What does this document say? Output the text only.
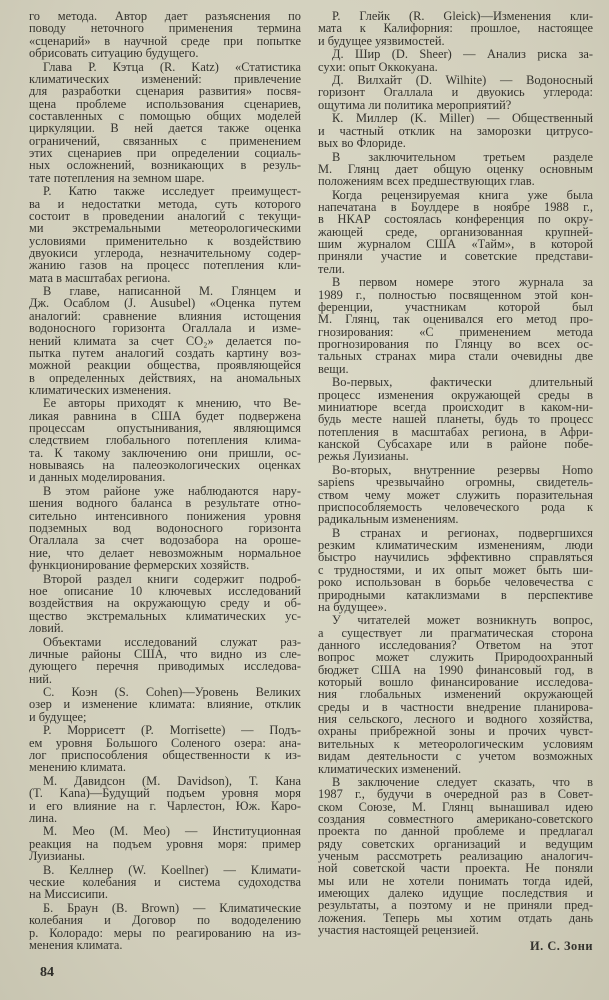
го метода. Автор дает разъяснения по
поводу неточного применения термина
«сценарий» в научной среде при попытке
обрисовать ситуацию будущего.
Глава Р. Кэтца (R. Katz) «Статистика
климатических изменений: привлечение
для разработки сценария развития» посвя-
щена проблеме использования сценариев,
составленных с помощью общих моделей
циркуляции. В ней дается также оценка
ограничений, связанных с применением
этих сценариев при определении социаль-
ных осложнений, возникающих в резуль-
тате потепления на земном шаре.
Р. Катю также исследует преимущест-
ва и недостатки метода, суть которого
состоит в проведении аналогий с текущи-
ми экстремальными метеорологическими
условиями применительно к воздействию
двуокиси углерода, незначительному содер-
жанию газов на процесс потепления кли-
мата в масштабах региона.
В главе, написанной М. Глянцем и
Дж. Осаблом (J. Ausubel) «Оценка путем
аналогий: сравнение влияния истощения
водоносного горизонта Огаллала и изме-
нений климата за счет CO₂» делается по-
пытка путем аналогий создать картину воз-
можной реакции общества, проявляющейся
в определенных действиях, на аномальных
климатических изменения.
Ее авторы приходят к мнению, что Ве-
ликая равнина в США будет подвержена
процессам опустынивания, являющимся
следствием глобального потепления клима-
та. К такому заключению они пришли, ос-
новываясь на палеоэкологических оценках
и данных моделирования.
В этом районе уже наблюдаются нару-
шения водного баланса в результате отно-
сительно интенсивного понижения уровня
подземных вод водоносного горизонта
Огаллала за счет водозабора на ороше-
ние, что делает невозможным нормальное
функционирование фермерских хозяйств.
Второй раздел книги содержит подроб-
ное описание 10 ключевых исследований
воздействия на окружающую среду и об-
щество экстремальных климатических ус-
ловий.
Объектами исследований служат раз-
личные районы США, что видно из сле-
дующего перечня приводимых исследова-
ний.
С. Коэн (S. Cohen)—Уровень Великих
озер и изменение климата: влияние, отклик
и будущее;
Р. Моррисетт (P. Morrisette) — Подъ-
ем уровня Большого Соленого озера: ана-
лог приспособления общественности к из-
менению климата.
М. Давидсон (M. Davidson), Т. Кана
(T. Kana)—Будущий подъем уровня моря
и его влияние на г. Чарлестон, Юж. Каро-
лина.
М. Мео (M. Meo) — Институционная
реакция на подъем уровня моря: пример
Луизианы.
В. Келлнер (W. Koellner) — Климати-
ческие колебания и система судоходства
на Миссисипи.
Б. Браун (B. Brown) — Климатические
колебания и Договор по вододелению
р. Колорадо: меры по реагированию на из-
менения климата.
Р. Глейк (R. Gleick)—Изменения кли-
мата к Калифорния: прошлое, настоящее
и будущее уязвимостей.
Д. Шир (D. Sheer) — Анализ риска за-
сухи: опыт Оккокуана.
Д. Вилхайт (D. Wilhite) — Водоносный
горизонт Огаллала и двуокись углерода:
ощутима ли политика мероприятий?
К. Миллер (K. Miller) — Общественный
и частный отклик на заморозки цитрусо-
вых во Флориде.
В заключительном третьем разделе
М. Глянц дает общую оценку основным
положениям всех предшествующих глав.
Когда рецензируемая книга уже была
напечатана в Боулдере в ноябре 1988 г.,
в НКАР состоялась конференция по окру-
жающей среде, организованная крупней-
шим журналом США «Тайм», в которой
приняли участие и советские представи-
тели.
В первом номере этого журнала за
1989 г., полностью посвященном этой кон-
ференции, участникам которой был
М. Глянц, так оценивался его метод про-
гнозирования: «С применением метода
прогнозирования по Глянцу во всех ос-
тальных странах мира стали очевидны две
вещи.
Во-первых, фактически длительный
процесс изменения окружающей среды в
миниатюре всегда происходит в каком-ни-
будь месте нашей планеты, будь то процесс
потепления в масштабах региона, в Афри-
канской Субсахаре или в районе побе-
режья Луизианы.
Во-вторых, внутренние резервы Homo
sapiens чрезвычайно огромны, свидетель-
ством чему может служить поразительная
приспособляемость человеческого рода к
радикальным изменениям.
В странах и регионах, подвергшихся
резким климатическим изменениям, люди
быстро научились эффективно справляться
с трудностями, и их опыт может быть ши-
роко использован в борьбе человечества с
природными катаклизмами в перспективе
на будущее».
У читателей может возникнуть вопрос,
а существует ли прагматическая сторона
данного исследования? Ответом на этот
вопрос может служить Природоохранный
бюджет США на 1990 финансовый год, в
который вошло финансирование исследова-
ния глобальных изменений окружающей
среды и в частности внедрение планирова-
ния сельского, лесного и водного хозяйства,
охраны прибрежной зоны и прочих чувст-
вительных к метеорологическим условиям
видам деятельности с учетом возможных
климатических изменений.
В заключение следует сказать, что в
1987 г., будучи в очередной раз в Совет-
ском Союзе, М. Глянц вынашивал идею
создания совместного американо-советского
проекта по данной проблеме и предлагал
ряду советских организаций и ведущим
ученым рассмотреть реализацию аналогич-
ной советской части проекта. Не поняли
мы или не хотели понимать тогда идей,
имеющих далеко идущие последствия и
результаты, а поэтому и не приняли пред-
ложения. Теперь мы хотим отдать дань
участия настоящей рецензией.
И. С. Зони
84
